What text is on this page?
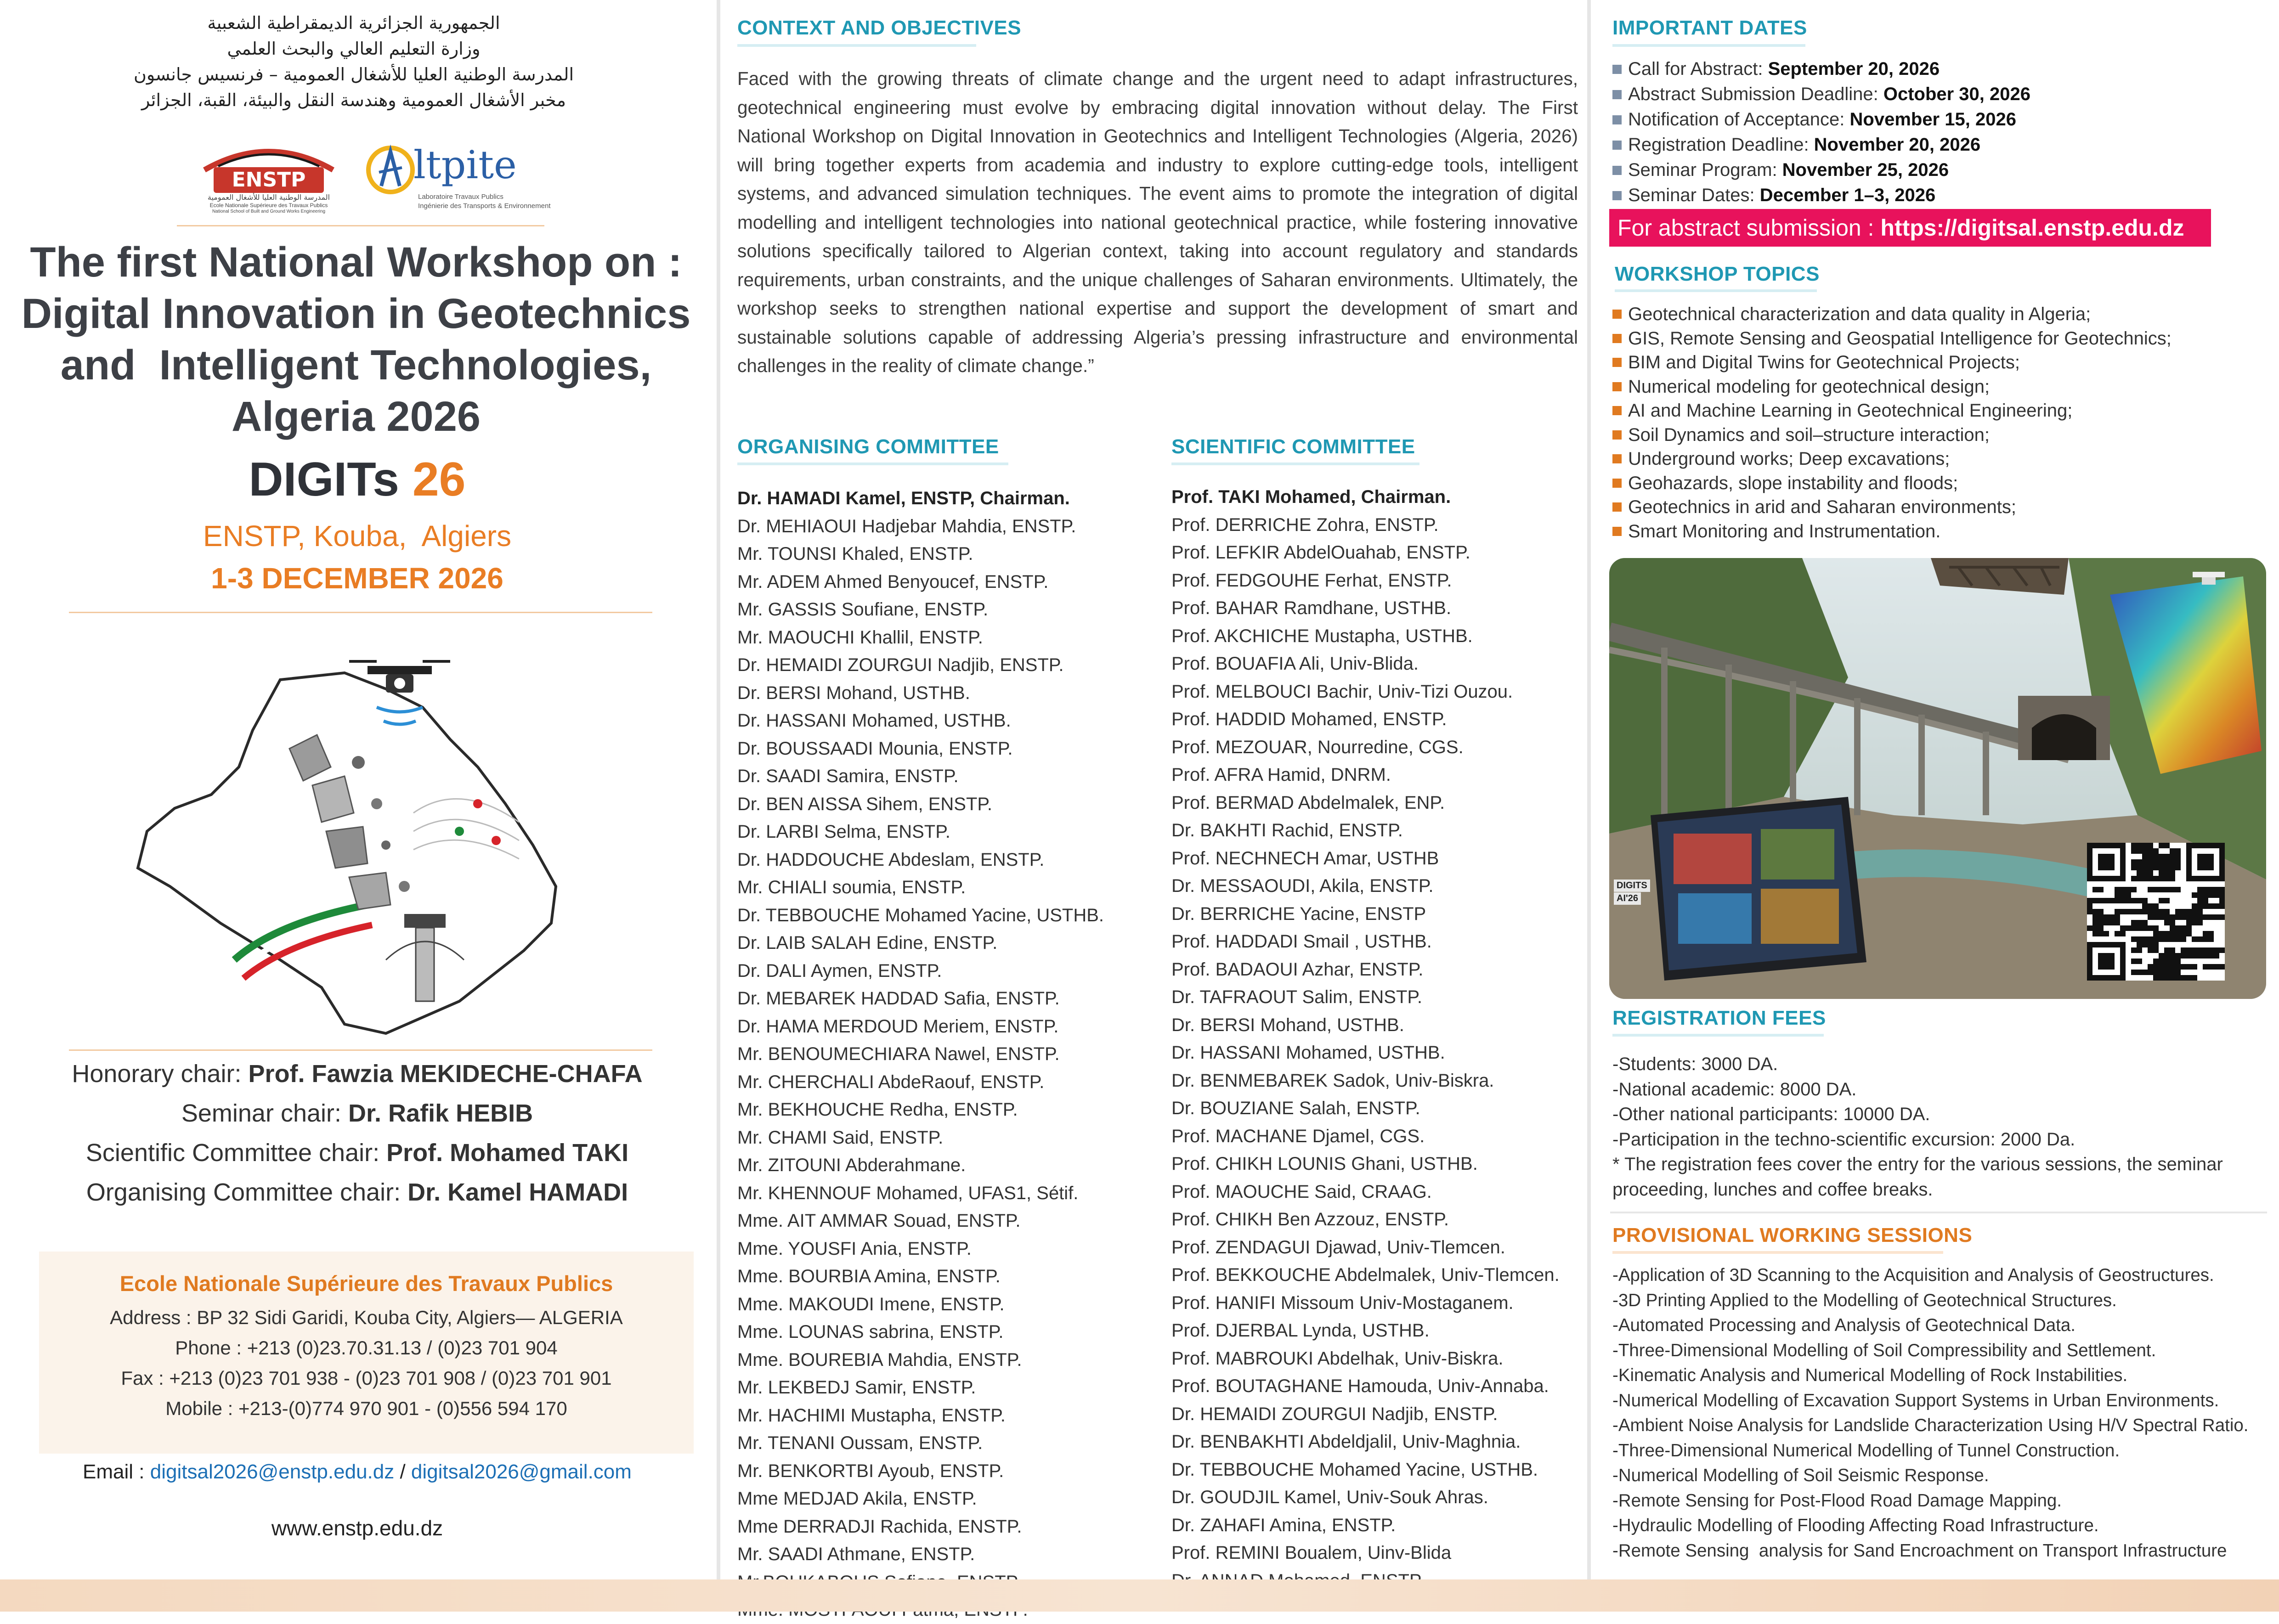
الجمهورية الجزائرية الديمقراطية الشعبية
وزارة التعليم العالي والبحث العلمي
المدرسة الوطنية العليا للأشغال العمومية – فرنسيس جانسون
مخبر الأشغال العمومية وهندسة النقل والبيئة، القبة، الجزائر
ENSTP
المدرسة الوطنية العليا للأشغال العمومية
Ecole Nationale Supérieure des Travaux Publics
National School of Built and Ground Works Engineering
ltpite
Laboratoire Travaux Publics
Ingénierie des Transports & Environnement
The first National Workshop on :
Digital Innovation in Geotechnics
and  Intelligent Technologies,
Algeria 2026
DIGITs 26
ENSTP, Kouba,  Algiers
1-3 DECEMBER 2026
Honorary chair: Prof. Fawzia MEKIDECHE-CHAFA
Seminar chair: Dr. Rafik HEBIB
Scientific Committee chair: Prof. Mohamed TAKI
Organising Committee chair: Dr. Kamel HAMADI
Ecole Nationale Supérieure des Travaux Publics
Address : BP 32 Sidi Garidi, Kouba City, Algiers— ALGERIA
Phone : +213 (0)23.70.31.13 / (0)23 701 904
Fax : +213 (0)23 701 938 - (0)23 701 908 / (0)23 701 901
Mobile : +213-(0)774 970 901 - (0)556 594 170
Email : digitsal2026@enstp.edu.dz / digitsal2026@gmail.com
www.enstp.edu.dz
CONTEXT AND OBJECTIVES
Faced with the growing threats of climate change and the urgent need to adapt infrastructures, geotechnical engineering must evolve by embracing digital innovation without delay. The First National Workshop on Digital Innovation in Geotechnics and Intelligent Technologies (Algeria, 2026) will bring together experts from academia and industry to explore cutting-edge tools, intelligent systems, and advanced simulation techniques. The event aims to promote the integration of digital modelling and intelligent technologies into national geotechnical practice, while fostering innovative solutions specifically tailored to Algerian context, taking into account regulatory and standards requirements, urban constraints, and the unique challenges of Saharan environments. Ultimately, the workshop seeks to strengthen national expertise and support the development of smart and sustainable solutions capable of addressing Algeria’s pressing infrastructure and environmental challenges in the reality of climate change.”
ORGANISING COMMITTEE
Dr. HAMADI Kamel, ENSTP, Chairman.
Dr. MEHIAOUI Hadjebar Mahdia, ENSTP.
Mr. TOUNSI Khaled, ENSTP.
Mr. ADEM Ahmed Benyoucef, ENSTP.
Mr. GASSIS Soufiane, ENSTP.
Mr. MAOUCHI Khallil, ENSTP.
Dr. HEMAIDI ZOURGUI Nadjib, ENSTP.
Dr. BERSI Mohand, USTHB.
Dr. HASSANI Mohamed, USTHB.
Dr. BOUSSAADI Mounia, ENSTP.
Dr. SAADI Samira, ENSTP.
Dr. BEN AISSA Sihem, ENSTP.
Dr. LARBI Selma, ENSTP.
Dr. HADDOUCHE Abdeslam, ENSTP.
Mr. CHIALI soumia, ENSTP.
Dr. TEBBOUCHE Mohamed Yacine, USTHB.
Dr. LAIB SALAH Edine, ENSTP.
Dr. DALI Aymen, ENSTP.
Dr. MEBAREK HADDAD Safia, ENSTP.
Dr. HAMA MERDOUD Meriem, ENSTP.
Mr. BENOUMECHIARA Nawel, ENSTP.
Mr. CHERCHALI AbdeRaouf, ENSTP.
Mr. BEKHOUCHE Redha, ENSTP.
Mr. CHAMI Said, ENSTP.
Mr. ZITOUNI Abderahmane.
Mr. KHENNOUF Mohamed, UFAS1, Sétif.
Mme. AIT AMMAR Souad, ENSTP.
Mme. YOUSFI Ania, ENSTP.
Mme. BOURBIA Amina, ENSTP.
Mme. MAKOUDI Imene, ENSTP.
Mme. LOUNAS sabrina, ENSTP.
Mme. BOUREBIA Mahdia, ENSTP.
Mr. LEKBEDJ Samir, ENSTP.
Mr. HACHIMI Mustapha, ENSTP.
Mr. TENANI Oussam, ENSTP.
Mr. BENKORTBI Ayoub, ENSTP.
Mme MEDJAD Akila, ENSTP.
Mme DERRADJI Rachida, ENSTP.
Mr. SAADI Athmane, ENSTP.
SCIENTIFIC COMMITTEE
Prof. TAKI Mohamed, Chairman.
Prof. DERRICHE Zohra, ENSTP.
Prof. LEFKIR AbdelOuahab, ENSTP.
Prof. FEDGOUHE Ferhat, ENSTP.
Prof. BAHAR Ramdhane, USTHB.
Prof. AKCHICHE Mustapha, USTHB.
Prof. BOUAFIA Ali, Univ-Blida.
Prof. MELBOUCI Bachir, Univ-Tizi Ouzou.
Prof. HADDID Mohamed, ENSTP.
Prof. MEZOUAR, Nourredine, CGS.
Prof. AFRA Hamid, DNRM.
Prof. BERMAD Abdelmalek, ENP.
Dr. BAKHTI Rachid, ENSTP.
Prof. NECHNECH Amar, USTHB
Dr. MESSAOUDI, Akila, ENSTP.
Dr. BERRICHE Yacine, ENSTP
Prof. HADDADI Smail , USTHB.
Prof. BADAOUI Azhar, ENSTP.
Dr. TAFRAOUT Salim, ENSTP.
Dr. BERSI Mohand, USTHB.
Dr. HASSANI Mohamed, USTHB.
Dr. BENMEBAREK Sadok, Univ-Biskra.
Dr. BOUZIANE Salah, ENSTP.
Prof. MACHANE Djamel, CGS.
Prof. CHIKH LOUNIS Ghani, USTHB.
Prof. MAOUCHE Said, CRAAG.
Prof. CHIKH Ben Azzouz, ENSTP.
Prof. ZENDAGUI Djawad, Univ-Tlemcen.
Prof. BEKKOUCHE Abdelmalek, Univ-Tlemcen.
Prof. HANIFI Missoum Univ-Mostaganem.
Prof. DJERBAL Lynda, USTHB.
Prof. MABROUKI Abdelhak, Univ-Biskra.
Prof. BOUTAGHANE Hamouda, Univ-Annaba.
Dr. HEMAIDI ZOURGUI Nadjib, ENSTP.
Dr. BENBAKHTI Abdeldjalil, Univ-Maghnia.
Dr. TEBBOUCHE Mohamed Yacine, USTHB.
Dr. GOUDJIL Kamel, Univ-Souk Ahras.
Dr. ZAHAFI Amina, ENSTP.
Prof. REMINI Boualem, Uinv-Blida
IMPORTANT DATES
Call for Abstract: September 20, 2026
Abstract Submission Deadline: October 30, 2026
Notification of Acceptance: November 15, 2026
Registration Deadline: November 20, 2026
Seminar Program: November 25, 2026
Seminar Dates: December 1–3, 2026
For abstract submission : https://digitsal.enstp.edu.dz
WORKSHOP TOPICS
Geotechnical characterization and data quality in Algeria;
GIS, Remote Sensing and Geospatial Intelligence for Geotechnics;
BIM and Digital Twins for Geotechnical Projects;
Numerical modeling for geotechnical design;
AI and Machine Learning in Geotechnical Engineering;
Soil Dynamics and soil–structure interaction;
Underground works; Deep excavations;
Geohazards, slope instability and floods;
Geotechnics in arid and Saharan environments;
Smart Monitoring and Instrumentation.
DIGITS
AI'26
REGISTRATION FEES
-Students: 3000 DA.
-National academic: 8000 DA.
-Other national participants: 10000 DA.
-Participation in the techno-scientific excursion: 2000 Da.
* The registration fees cover the entry for the various sessions, the seminar proceeding, lunches and coffee breaks.
PROVISIONAL WORKING SESSIONS
-Application of 3D Scanning to the Acquisition and Analysis of Geostructures.
-3D Printing Applied to the Modelling of Geotechnical Structures.
-Automated Processing and Analysis of Geotechnical Data.
-Three-Dimensional Modelling of Soil Compressibility and Settlement.
-Kinematic Analysis and Numerical Modelling of Rock Instabilities.
-Numerical Modelling of Excavation Support Systems in Urban Environments.
-Ambient Noise Analysis for Landslide Characterization Using H/V Spectral Ratio.
-Three-Dimensional Numerical Modelling of Tunnel Construction.
-Numerical Modelling of Soil Seismic Response.
-Remote Sensing for Post-Flood Road Damage Mapping.
-Hydraulic Modelling of Flooding Affecting Road Infrastructure.
-Remote Sensing  analysis for Sand Encroachment on Transport Infrastructure
